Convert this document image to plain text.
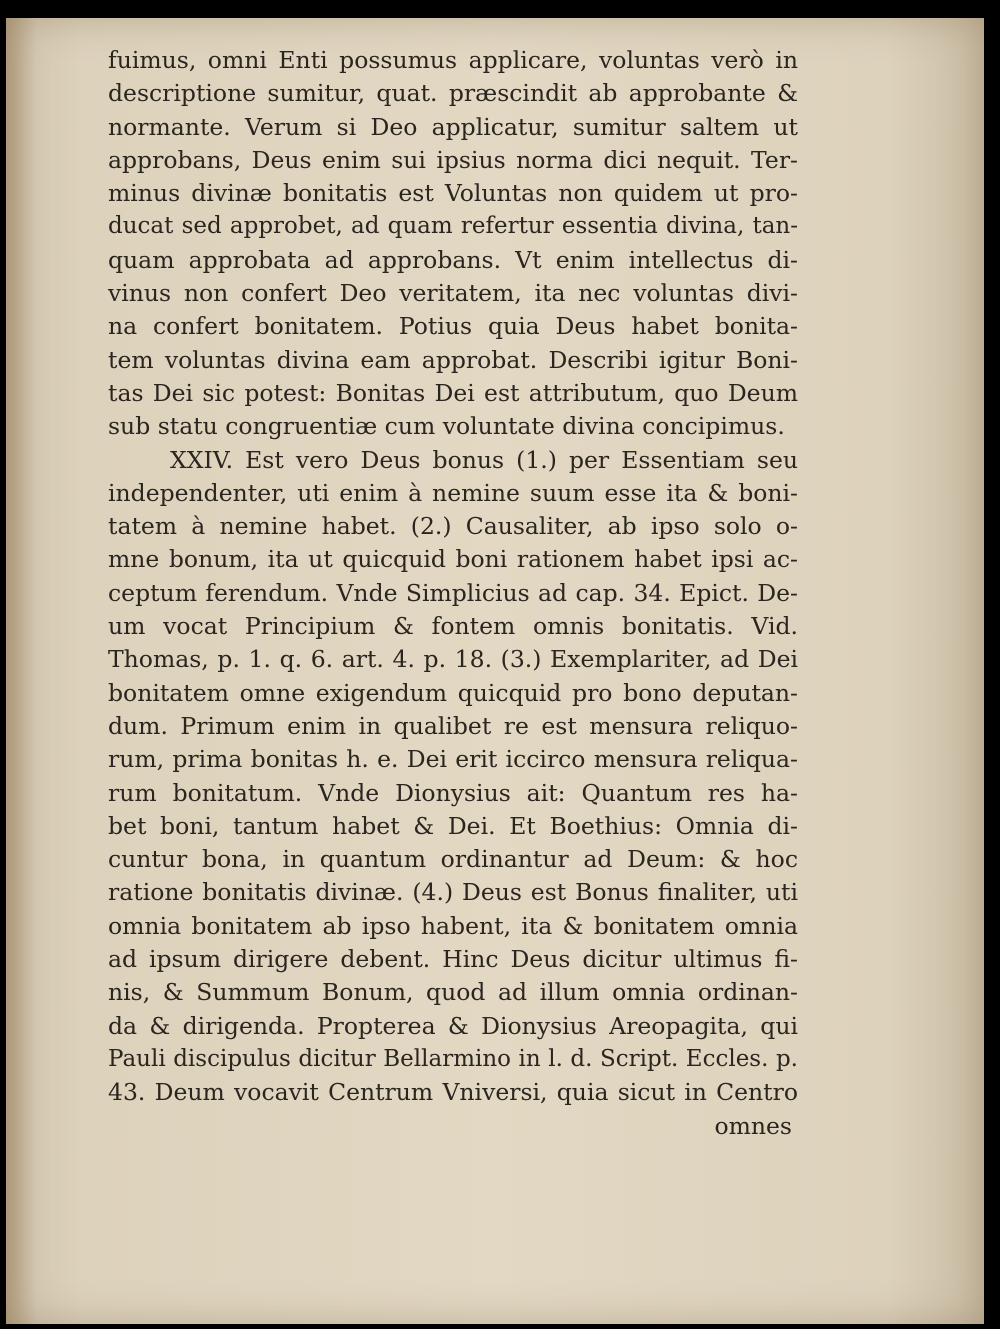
fuimus, omni Enti possumus applicare, voluntas verò in
descriptione sumitur, quat. præscindit ab approbante &
normante. Verum si Deo applicatur, sumitur saltem ut
approbans, Deus enim sui ipsius norma dici nequit. Ter-
minus divinæ bonitatis est Voluntas non quidem ut pro-
ducat sed approbet, ad quam refertur essentia divina, tan-
quam approbata ad approbans. Vt enim intellectus di-
vinus non confert Deo veritatem, ita nec voluntas divi-
na confert bonitatem. Potius quia Deus habet bonita-
tem voluntas divina eam approbat. Describi igitur Boni-
tas Dei sic potest: Bonitas Dei est attributum, quo Deum
sub statu congruentiæ cum voluntate divina concipimus.
XXIV. Est vero Deus bonus (1.) per Essentiam seu
independenter, uti enim à nemine suum esse ita & boni-
tatem à nemine habet. (2.) Causaliter, ab ipso solo o-
mne bonum, ita ut quicquid boni rationem habet ipsi ac-
ceptum ferendum. Vnde Simplicius ad cap. 34. Epict. De-
um vocat Principium & fontem omnis bonitatis. Vid.
Thomas, p. 1. q. 6. art. 4. p. 18. (3.) Exemplariter, ad Dei
bonitatem omne exigendum quicquid pro bono deputan-
dum. Primum enim in qualibet re est mensura reliquo-
rum, prima bonitas h. e. Dei erit iccirco mensura reliqua-
rum bonitatum. Vnde Dionysius ait: Quantum res ha-
bet boni, tantum habet & Dei. Et Boethius: Omnia di-
cuntur bona, in quantum ordinantur ad Deum: & hoc
ratione bonitatis divinæ. (4.) Deus est Bonus finaliter, uti
omnia bonitatem ab ipso habent, ita & bonitatem omnia
ad ipsum dirigere debent. Hinc Deus dicitur ultimus fi-
nis, & Summum Bonum, quod ad illum omnia ordinan-
da & dirigenda. Propterea & Dionysius Areopagita, qui
Pauli discipulus dicitur Bellarmino in l. d. Script. Eccles. p.
43. Deum vocavit Centrum Vniversi, quia sicut in Centro
omnes
